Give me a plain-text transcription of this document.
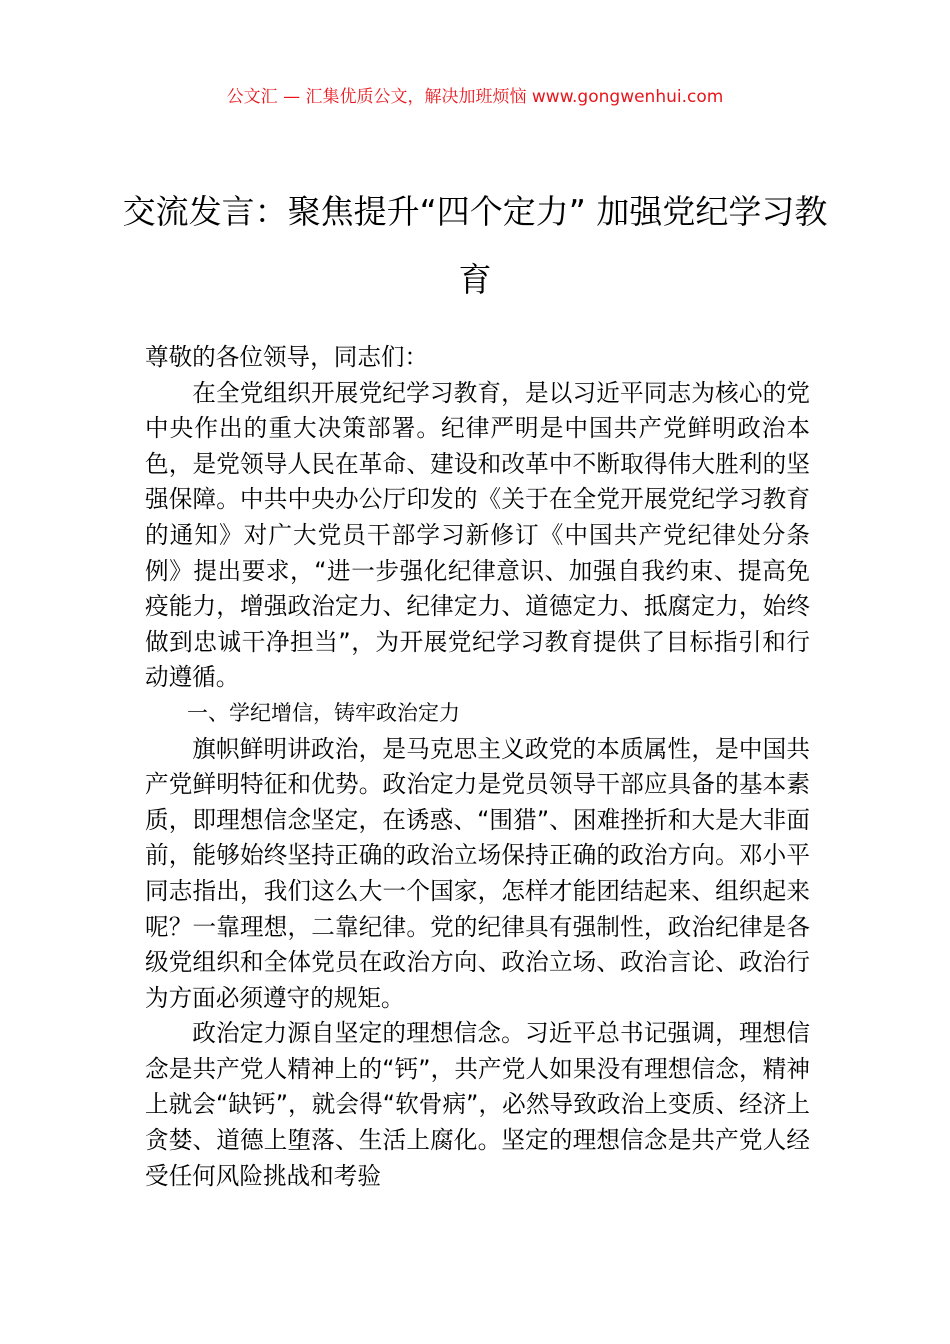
公文汇 — 汇集优质公文，解决加班烦恼 www.gongwenhui.com
交流发言：聚焦提升“四个定力” 加强党纪学习教育

尊敬的各位领导，同志们：

在全党组织开展党纪学习教育，是以习近平同志为核心的党中央作出的重大决策部署。纪律严明是中国共产党鲜明政治本色，是党领导人民在革命、建设和改革中不断取得伟大胜利的坚强保障。中共中央办公厅印发的《关于在全党开展党纪学习教育的通知》对广大党员干部学习新修订《中国共产党纪律处分条例》提出要求，“进一步强化纪律意识、加强自我约束、提高免疫能力，增强政治定力、纪律定力、道德定力、抵腐定力，始终做到忠诚干净担当”，为开展党纪学习教育提供了目标指引和行动遵循。

一、学纪增信，铸牢政治定力

旗帜鲜明讲政治，是马克思主义政党的本质属性，是中国共产党鲜明特征和优势。政治定力是党员领导干部应具备的基本素质，即理想信念坚定，在诱惑、“围猎”、困难挫折和大是大非面前，能够始终坚持正确的政治立场保持正确的政治方向。邓小平同志指出，我们这么大一个国家，怎样才能团结起来、组织起来呢？一靠理想，二靠纪律。党的纪律具有强制性，政治纪律是各级党组织和全体党员在政治方向、政治立场、政治言论、政治行为方面必须遵守的规矩。

政治定力源自坚定的理想信念。习近平总书记强调，理想信念是共产党人精神上的“钙”，共产党人如果没有理想信念，精神上就会“缺钙”，就会得“软骨病”，必然导致政治上变质、经济上贪婪、道德上堕落、生活上腐化。坚定的理想信念是共产党人经受任何风险挑战和考验
